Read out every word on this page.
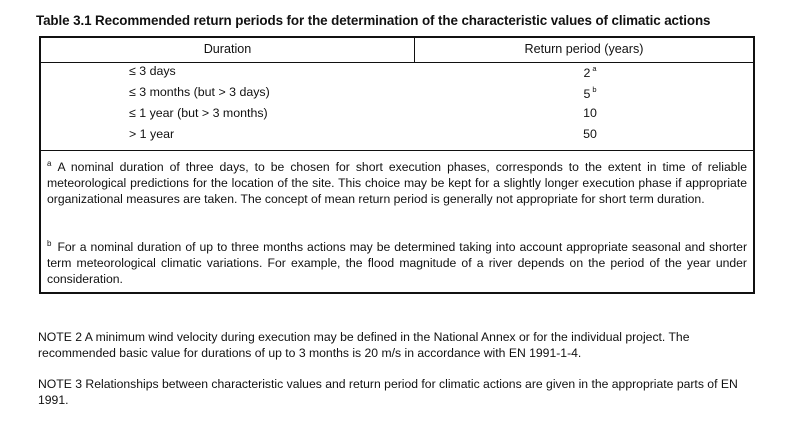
Table 3.1 Recommended return periods for the determination of the characteristic values of climatic actions
Duration	Return period (years)
≤ 3 days	2 $^a$
≤ 3 months (but > 3 days)	5 $^b$
≤ 1 year (but > 3 months)	10
> 1 year	50
$^a$ A nominal duration of three days, to be chosen for short execution phases, corresponds to the extent in time of reliable meteorological predictions for the location of the site. This choice may be kept for a slightly longer execution phase if appropriate organizational measures are taken. The concept of mean return period is generally not appropriate for short term duration.
$^b$ For a nominal duration of up to three months actions may be determined taking into account appropriate seasonal and shorter term meteorological climatic variations. For example, the flood magnitude of a river depends on the period of the year under consideration.
NOTE 2 A minimum wind velocity during execution may be defined in the National Annex or for the individual project. The recommended basic value for durations of up to 3 months is 20 m/s in accordance with EN 1991-1-4.
NOTE 3 Relationships between characteristic values and return period for climatic actions are given in the appropriate parts of EN 1991.
